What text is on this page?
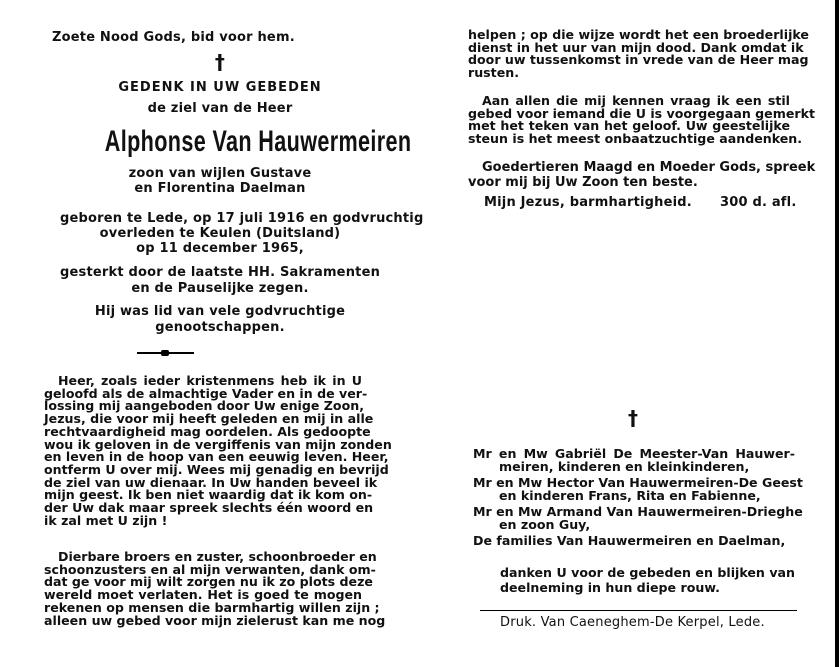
Zoete Nood Gods, bid voor hem.
†
GEDENK IN UW GEBEDEN
de ziel van de Heer
Alphonse Van Hauwermeiren
zoon van wijlen Gustave
en Florentina Daelman
geboren te Lede, op 17 juli 1916 en godvruchtig
overleden te Keulen (Duitsland)
op 11 december 1965,
gesterkt door de laatste HH. Sakramenten
en de Pauselijke zegen.
Hij was lid van vele godvruchtige
genootschappen.
Heer, zoals ieder kristenmens heb ik in U
geloofd als de almachtige Vader en in de ver-
lossing mij aangeboden door Uw enige Zoon,
Jezus, die voor mij heeft geleden en mij in alle
rechtvaardigheid mag oordelen. Als gedoopte
wou ik geloven in de vergiffenis van mijn zonden
en leven in de hoop van een eeuwig leven. Heer,
ontferm U over mij. Wees mij genadig en bevrijd
de ziel van uw dienaar. In Uw handen beveel ik
mijn geest. Ik ben niet waardig dat ik kom on-
der Uw dak maar spreek slechts één woord en
ik zal met U zijn !
Dierbare broers en zuster, schoonbroeder en
schoonzusters en al mijn verwanten, dank om-
dat ge voor mij wilt zorgen nu ik zo plots deze
wereld moet verlaten. Het is goed te mogen
rekenen op mensen die barmhartig willen zijn ;
alleen uw gebed voor mijn zielerust kan me nog
helpen ; op die wijze wordt het een broederlijke
dienst in het uur van mijn dood. Dank omdat ik
door uw tussenkomst in vrede van de Heer mag
rusten.
Aan allen die mij kennen vraag ik een stil
gebed voor iemand die U is voorgegaan gemerkt
met het teken van het geloof. Uw geestelijke
steun is het meest onbaatzuchtige aandenken.
Goedertieren Maagd en Moeder Gods, spreek
voor mij bij Uw Zoon ten beste.
Mijn Jezus, barmhartigheid. 300 d. afl.
†
Mr en Mw Gabriël De Meester-Van Hauwer-
meiren, kinderen en kleinkinderen,
Mr en Mw Hector Van Hauwermeiren-De Geest
en kinderen Frans, Rita en Fabienne,
Mr en Mw Armand Van Hauwermeiren-Drieghe
en zoon Guy,
De families Van Hauwermeiren en Daelman,
danken U voor de gebeden en blijken van
deelneming in hun diepe rouw.
Druk. Van Caeneghem-De Kerpel, Lede.
